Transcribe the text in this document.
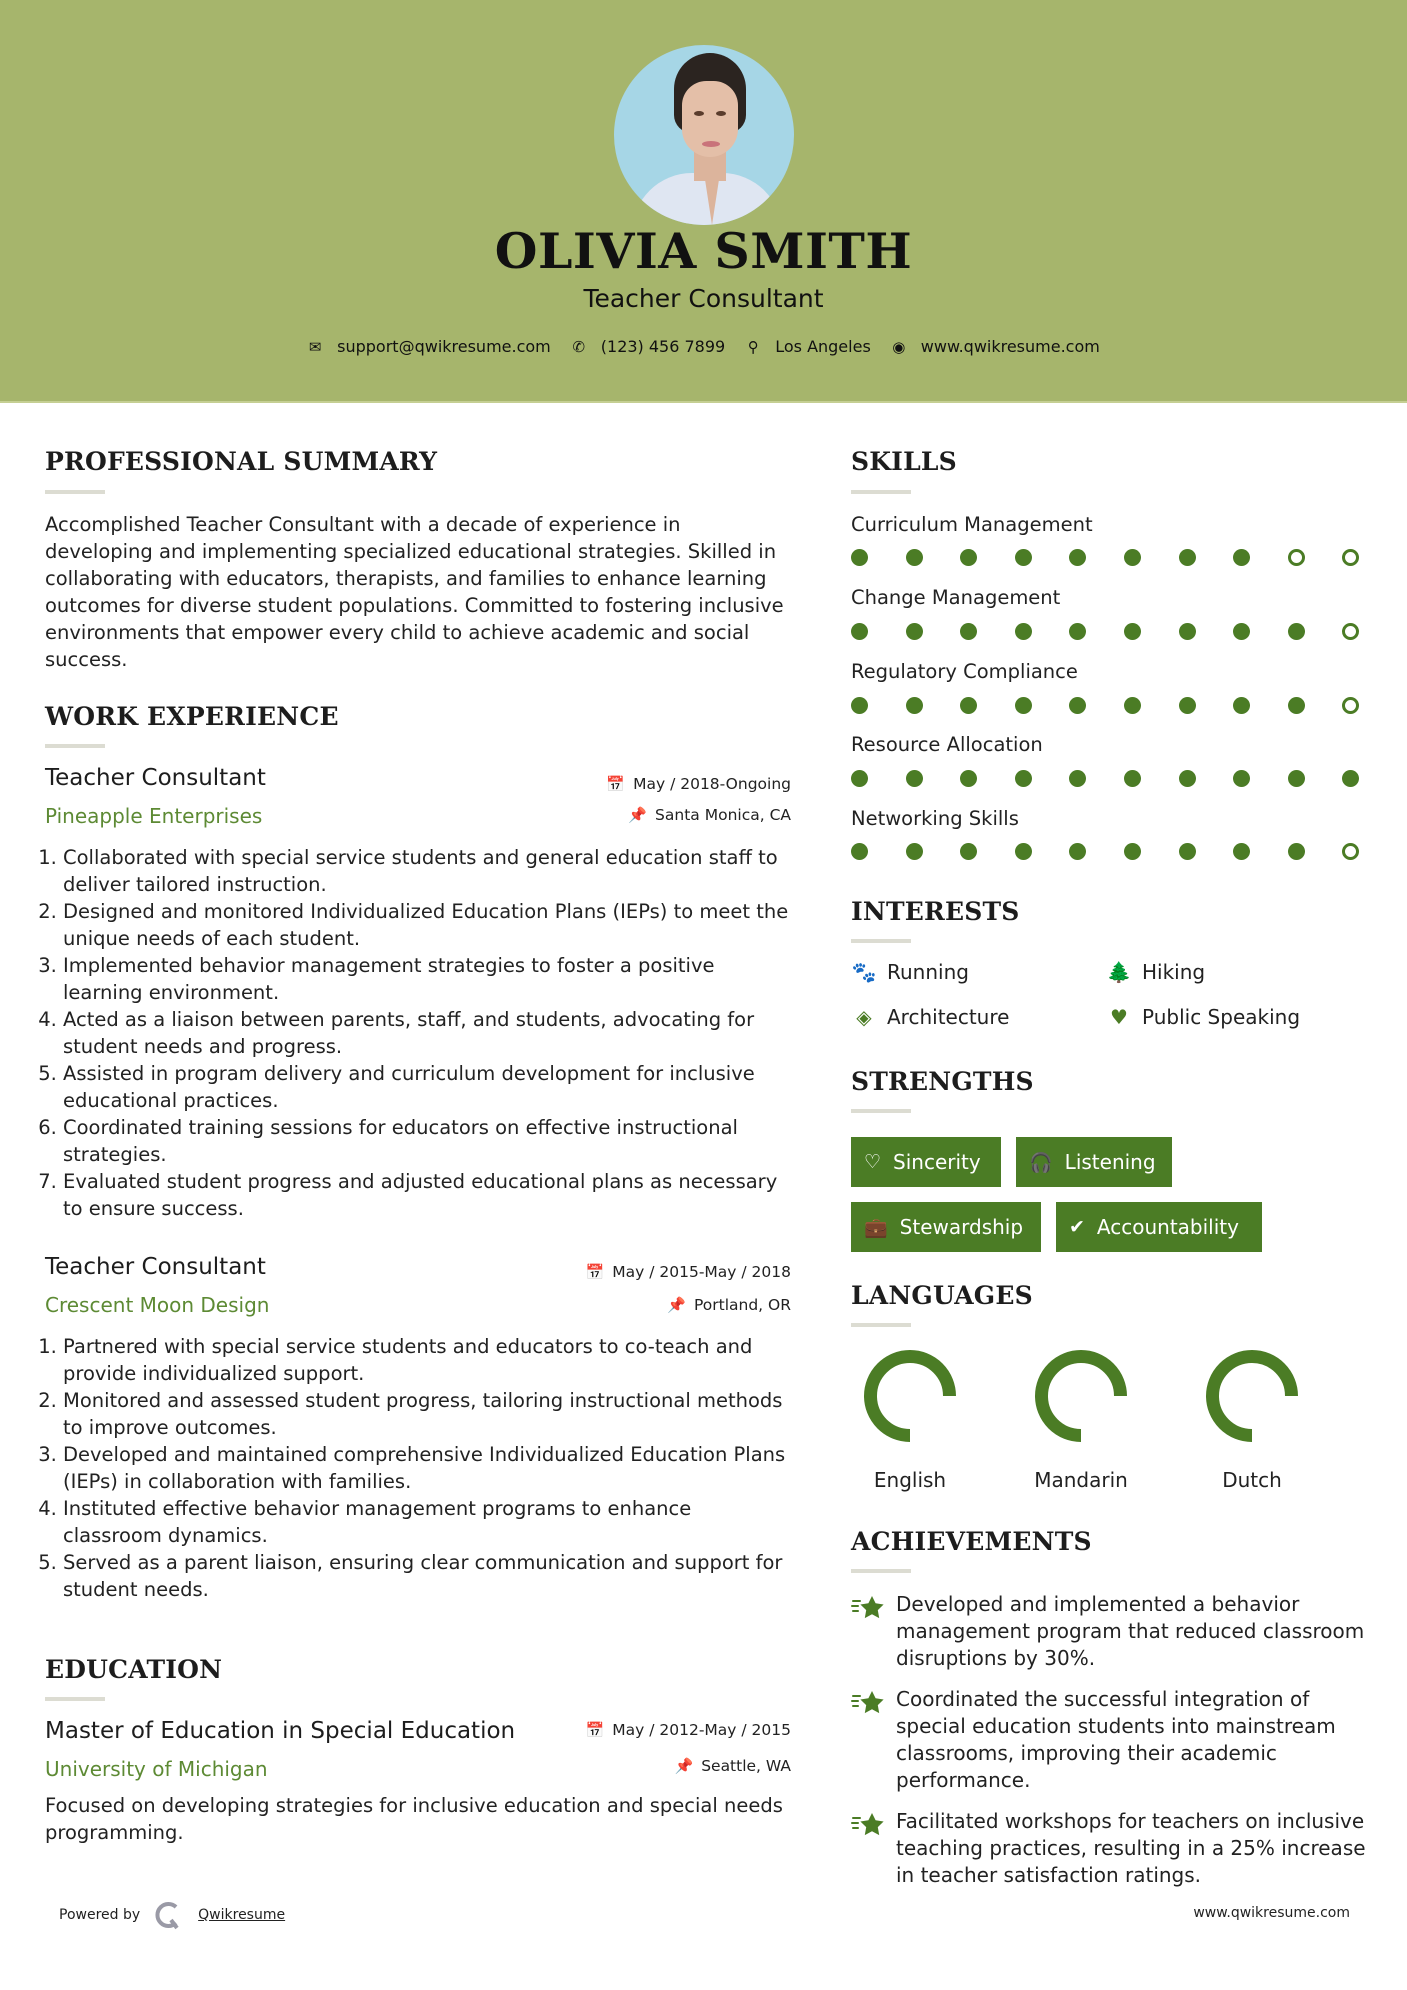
OLIVIA SMITH
Teacher Consultant
✉ support@qwikresume.com ✆ (123) 456 7899 ⚲ Los Angeles ◉ www.qwikresume.com
PROFESSIONAL SUMMARY
Accomplished Teacher Consultant with a decade of experience in developing and implementing specialized educational strategies. Skilled in collaborating with educators, therapists, and families to enhance learning outcomes for diverse student populations. Committed to fostering inclusive environments that empower every child to achieve academic and social success.
WORK EXPERIENCE
Teacher Consultant	📅 May / 2018-Ongoing
Pineapple Enterprises	📌 Santa Monica, CA
1. Collaborated with special service students and general education staff to deliver tailored instruction.
2. Designed and monitored Individualized Education Plans (IEPs) to meet the unique needs of each student.
3. Implemented behavior management strategies to foster a positive learning environment.
4. Acted as a liaison between parents, staff, and students, advocating for student needs and progress.
5. Assisted in program delivery and curriculum development for inclusive educational practices.
6. Coordinated training sessions for educators on effective instructional strategies.
7. Evaluated student progress and adjusted educational plans as necessary to ensure success.
Teacher Consultant	📅 May / 2015-May / 2018
Crescent Moon Design	📌 Portland, OR
1. Partnered with special service students and educators to co-teach and provide individualized support.
2. Monitored and assessed student progress, tailoring instructional methods to improve outcomes.
3. Developed and maintained comprehensive Individualized Education Plans (IEPs) in collaboration with families.
4. Instituted effective behavior management programs to enhance classroom dynamics.
5. Served as a parent liaison, ensuring clear communication and support for student needs.
EDUCATION
Master of Education in Special Education	📅 May / 2012-May / 2015
University of Michigan	📌 Seattle, WA
Focused on developing strategies for inclusive education and special needs programming.
SKILLS
Curriculum Management
Change Management
Regulatory Compliance
Resource Allocation
Networking Skills
INTERESTS
🐾 Running	🌲 Hiking
◈ Architecture	♥ Public Speaking
STRENGTHS
♡ Sincerity	🎧 Listening
💼 Stewardship ✔ Accountability
LANGUAGES
English	Mandarin	Dutch
ACHIEVEMENTS
Developed and implemented a behavior management program that reduced classroom disruptions by 30%.
Coordinated the successful integration of special education students into mainstream classrooms, improving their academic performance.
Facilitated workshops for teachers on inclusive teaching practices, resulting in a 25% increase in teacher satisfaction ratings.
Powered by	Qwikresume	www.qwikresume.com
